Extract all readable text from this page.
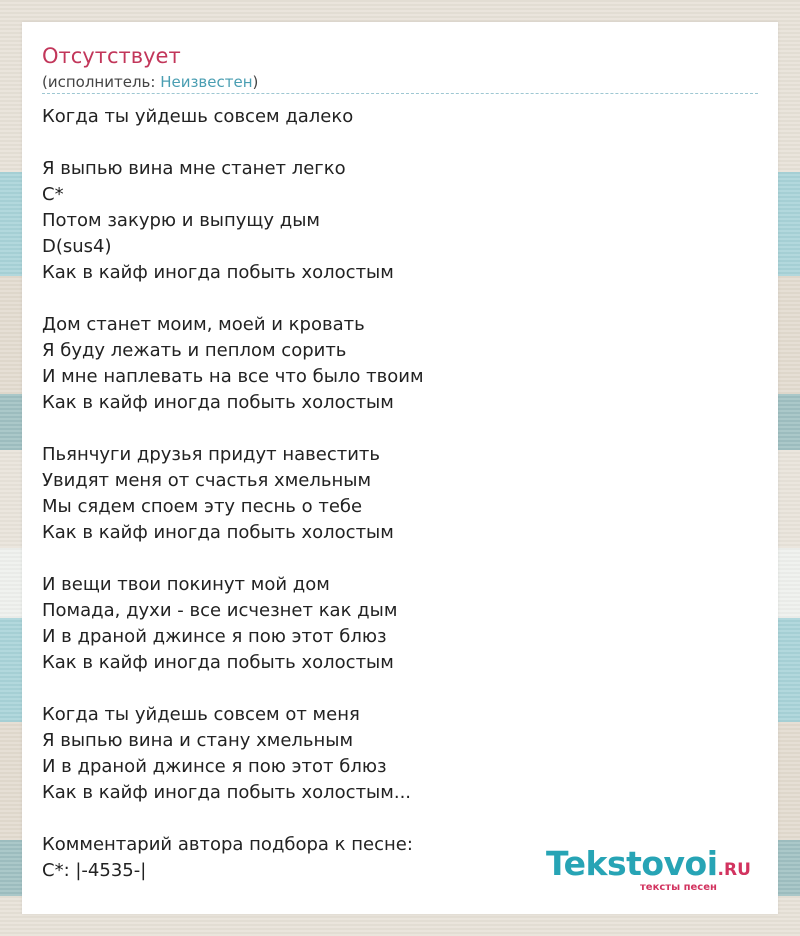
Отсутствует
(исполнитель: Неизвестен)
Когда ты уйдешь совсем далеко
Я выпью вина мне станет легко
C*
Потом закурю и выпущу дым
D(sus4)
Как в кайф иногда побыть холостым
Дом станет моим, моей и кровать
Я буду лежать и пеплом сорить
И мне наплевать на все что было твоим
Как в кайф иногда побыть холостым
Пьянчуги друзья придут навестить
Увидят меня от счастья хмельным
Мы сядем споем эту песнь о тебе
Как в кайф иногда побыть холостым
И вещи твои покинут мой дом
Помада, духи - все исчезнет как дым
И в драной джинсе я пою этот блюз
Как в кайф иногда побыть холостым
Когда ты уйдешь совсем от меня
Я выпью вина и стану хмельным
И в драной джинсе я пою этот блюз
Как в кайф иногда побыть холостым...
Комментарий автора подбора к песне:
C*: |-4535-|	Tekstovoi.RU
тексты песен
